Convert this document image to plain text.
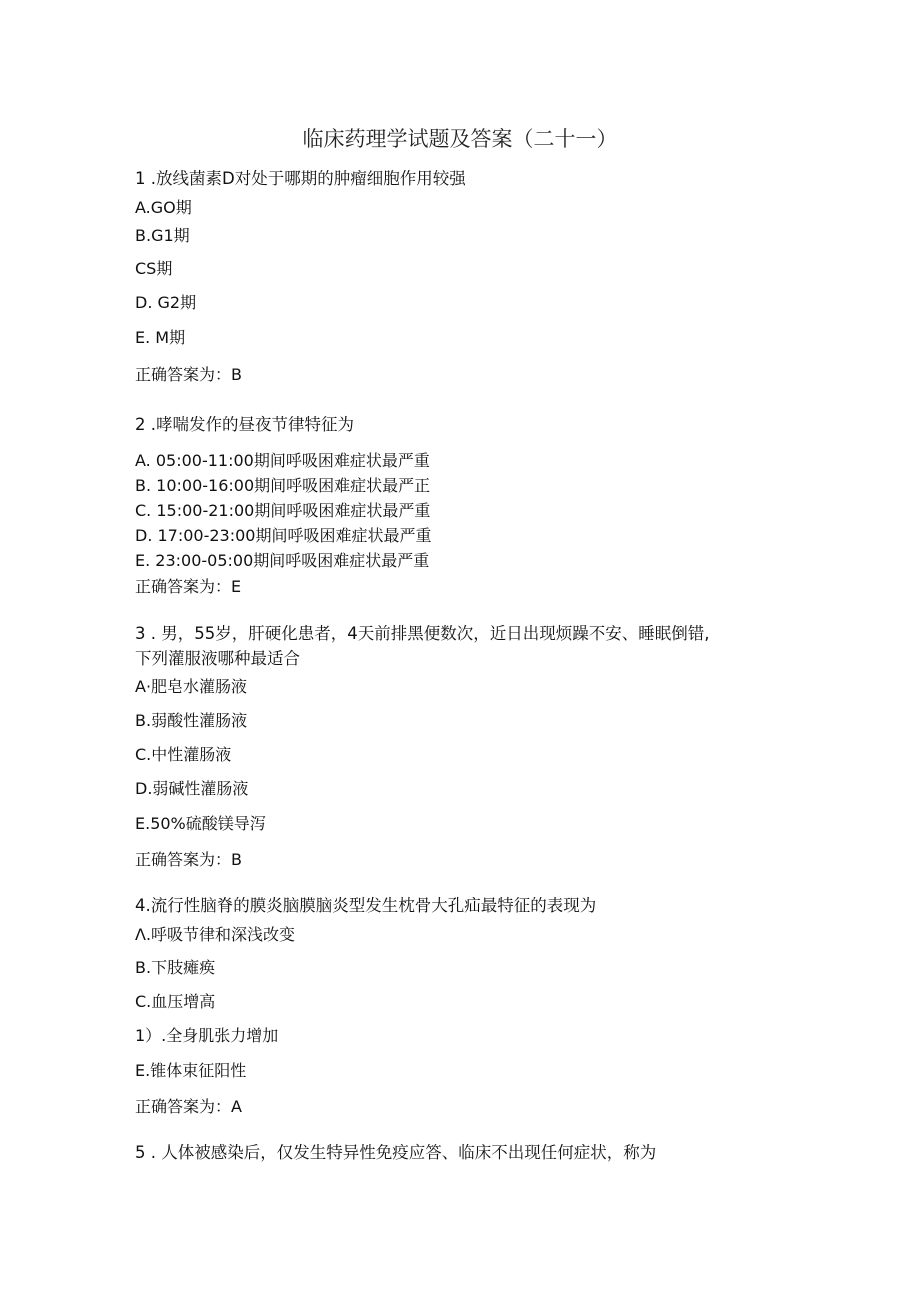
临床药理学试题及答案（二十一）
1 .放线菌素D对处于哪期的肿瘤细胞作用较强
A.GO期
B.G1期
CS期
D. G2期
E. M期
正确答案为：B
2 .哮喘发作的昼夜节律特征为
A. 05:00-11:00期间呼吸困难症状最严重
B. 10:00-16:00期间呼吸困难症状最严正
C. 15:00-21:00期间呼吸困难症状最严重
D. 17:00-23:00期间呼吸困难症状最严重
E. 23:00-05:00期间呼吸困难症状最严重
正确答案为：E
3 . 男，55岁，肝硬化患者，4天前排黑便数次，近日出现烦躁不安、睡眠倒错,
下列灌服液哪种最适合
A·肥皂水灌肠液
B.弱酸性灌肠液
C.中性灌肠液
D.弱碱性灌肠液
E.50%硫酸镁导泻
正确答案为：B
4.流行性脑脊的膜炎脑膜脑炎型发生枕骨大孔疝最特征的表现为
Λ.呼吸节律和深浅改变
B.下肢瘫痪
C.血压增高
1）.全身肌张力增加
E.锥体束征阳性
正确答案为：A
5 . 人体被感染后，仅发生特异性免疫应答、临床不出现任何症状，称为
